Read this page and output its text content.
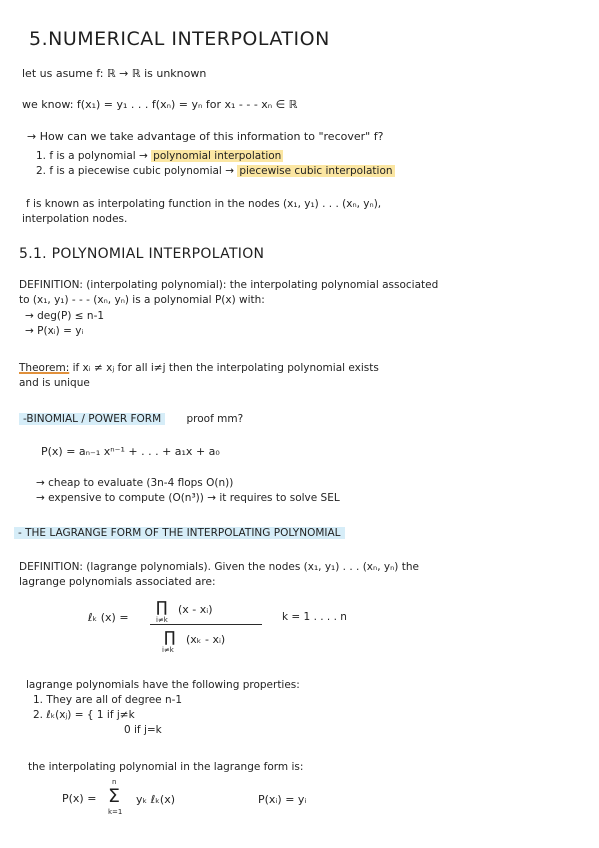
5.NUMERICAL INTERPOLATION
let us asume f: ℝ → ℝ is unknown
we know: f(x₁) = y₁ . . . f(xₙ) = yₙ for x₁ - - - xₙ ∈ ℝ
→ How can we take advantage of this information to "recover" f?
1. f is a polynomial → polynomial interpolation
2. f is a piecewise cubic polynomial → piecewise cubic interpolation
f is known as interpolating function in the nodes (x₁, y₁) . . . (xₙ, yₙ),
interpolation nodes.
5.1. POLYNOMIAL INTERPOLATION
DEFINITION: (interpolating polynomial): the interpolating polynomial associated
to (x₁, y₁) - - - (xₙ, yₙ) is a polynomial P(x) with:
→ deg(P) ≤ n-1
→ P(xᵢ) = yᵢ
Theorem: if xᵢ ≠ xⱼ for all i≠j then the interpolating polynomial exists
and is unique
-BINOMIAL / POWER FORM proof mm?
P(x) = aₙ₋₁ xⁿ⁻¹ + . . . + a₁x + a₀
→ cheap to evaluate (3n-4 flops O(n))
→ expensive to compute (O(n³)) → it requires to solve SEL
- THE LAGRANGE FORM OF THE INTERPOLATING POLYNOMIAL
DEFINITION: (lagrange polynomials). Given the nodes (x₁, y₁) . . . (xₙ, yₙ) the
lagrange polynomials associated are:
ℓₖ (x) =
∏
i≠k
(x - xᵢ)
∏
i≠k
(xₖ - xᵢ)
k = 1 . . . . n
lagrange polynomials have the following properties:
1. They are all of degree n-1
2. ℓₖ(xⱼ) = { 1 if j≠k
0 if j=k
the interpolating polynomial in the lagrange form is:
P(x) =
n
Σ
k=1
yₖ ℓₖ(x)	P(xᵢ) = yᵢ
